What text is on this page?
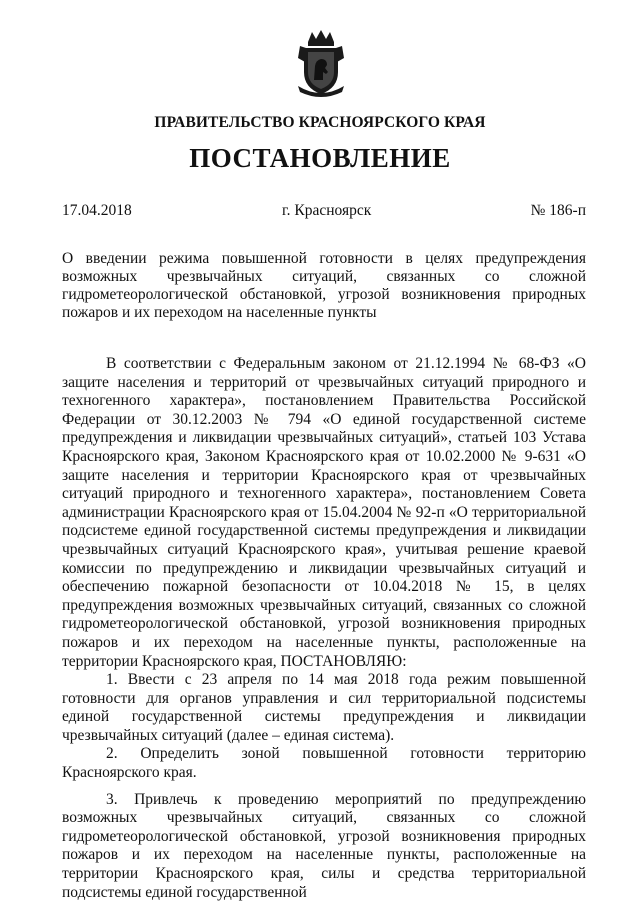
ПРАВИТЕЛЬСТВО КРАСНОЯРСКОГО КРАЯ
ПОСТАНОВЛЕНИЕ
17.04.2018	г. Красноярск	№ 186-п

О введении режима повышенной готовности в целях предупреждения возможных чрезвычайных ситуаций, связанных со сложной гидрометеорологической обстановкой, угрозой возникновения природных пожаров и их переходом на населенные пункты

В соответствии с Федеральным законом от 21.12.1994 № 68-ФЗ «О защите населения и территорий от чрезвычайных ситуаций природного и техногенного характера», постановлением Правительства Российской Федерации от 30.12.2003 № 794 «О единой государственной системе предупреждения и ликвидации чрезвычайных ситуаций», статьей 103 Устава Красноярского края, Законом Красноярского края от 10.02.2000 № 9-631 «О защите населения и территории Красноярского края от чрезвычайных ситуаций природного и техногенного характера», постановлением Совета администрации Красноярского края от 15.04.2004 № 92-п «О территориальной подсистеме единой государственной системы предупреждения и ликвидации чрезвычайных ситуаций Красноярского края», учитывая решение краевой комиссии по предупреждению и ликвидации чрезвычайных ситуаций и обеспечению пожарной безопасности от 10.04.2018 № 15, в целях предупреждения возможных чрезвычайных ситуаций, связанных со сложной гидрометеорологической обстановкой, угрозой возникновения природных пожаров и их переходом на населенные пункты, расположенные на территории Красноярского края, ПОСТАНОВЛЯЮ:

1. Ввести с 23 апреля по 14 мая 2018 года режим повышенной готовности для органов управления и сил территориальной подсистемы единой государственной системы предупреждения и ликвидации чрезвычайных ситуаций (далее – единая система).

2. Определить зоной повышенной готовности территорию Красноярского края.

3. Привлечь к проведению мероприятий по предупреждению возможных чрезвычайных ситуаций, связанных со сложной гидрометеорологической обстановкой, угрозой возникновения природных пожаров и их переходом на населенные пункты, расположенные на территории Красноярского края, силы и средства территориальной подсистемы единой государственной
